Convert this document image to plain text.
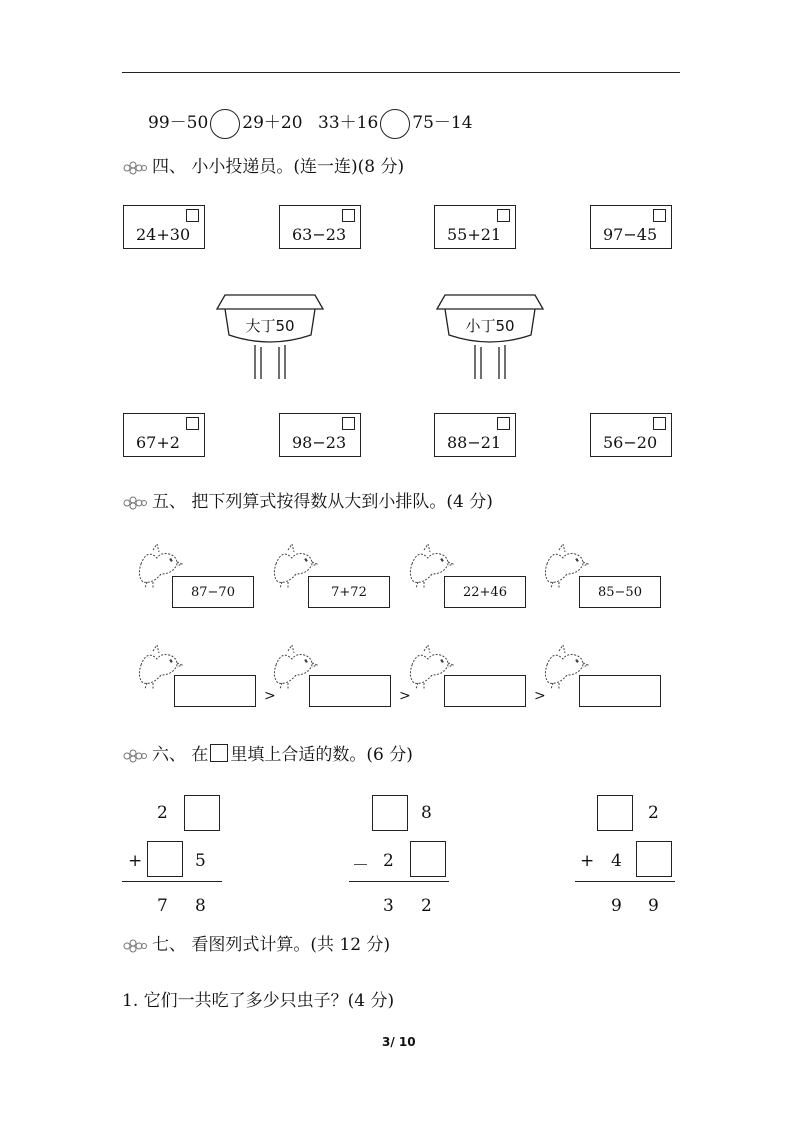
99－50 29＋20 33＋16 75－14
四、 小小投递员。(连一连)(8 分)
24+30	63−23	55+21	97−45
大丁50	小丁50
67+2	98−23	88−21	56−20
五、 把下列算式按得数从大到小排队。(4 分)
87−70	7+72	22+46	85−50
>	>	>
六、 在 里填上合适的数。(6 分)
2
+	5
7 8
8
－ 2
3 2
2
+ 4
9 9
七、 看图列式计算。(共 12 分)
1. 它们一共吃了多少只虫子？(4 分)
3/ 10
